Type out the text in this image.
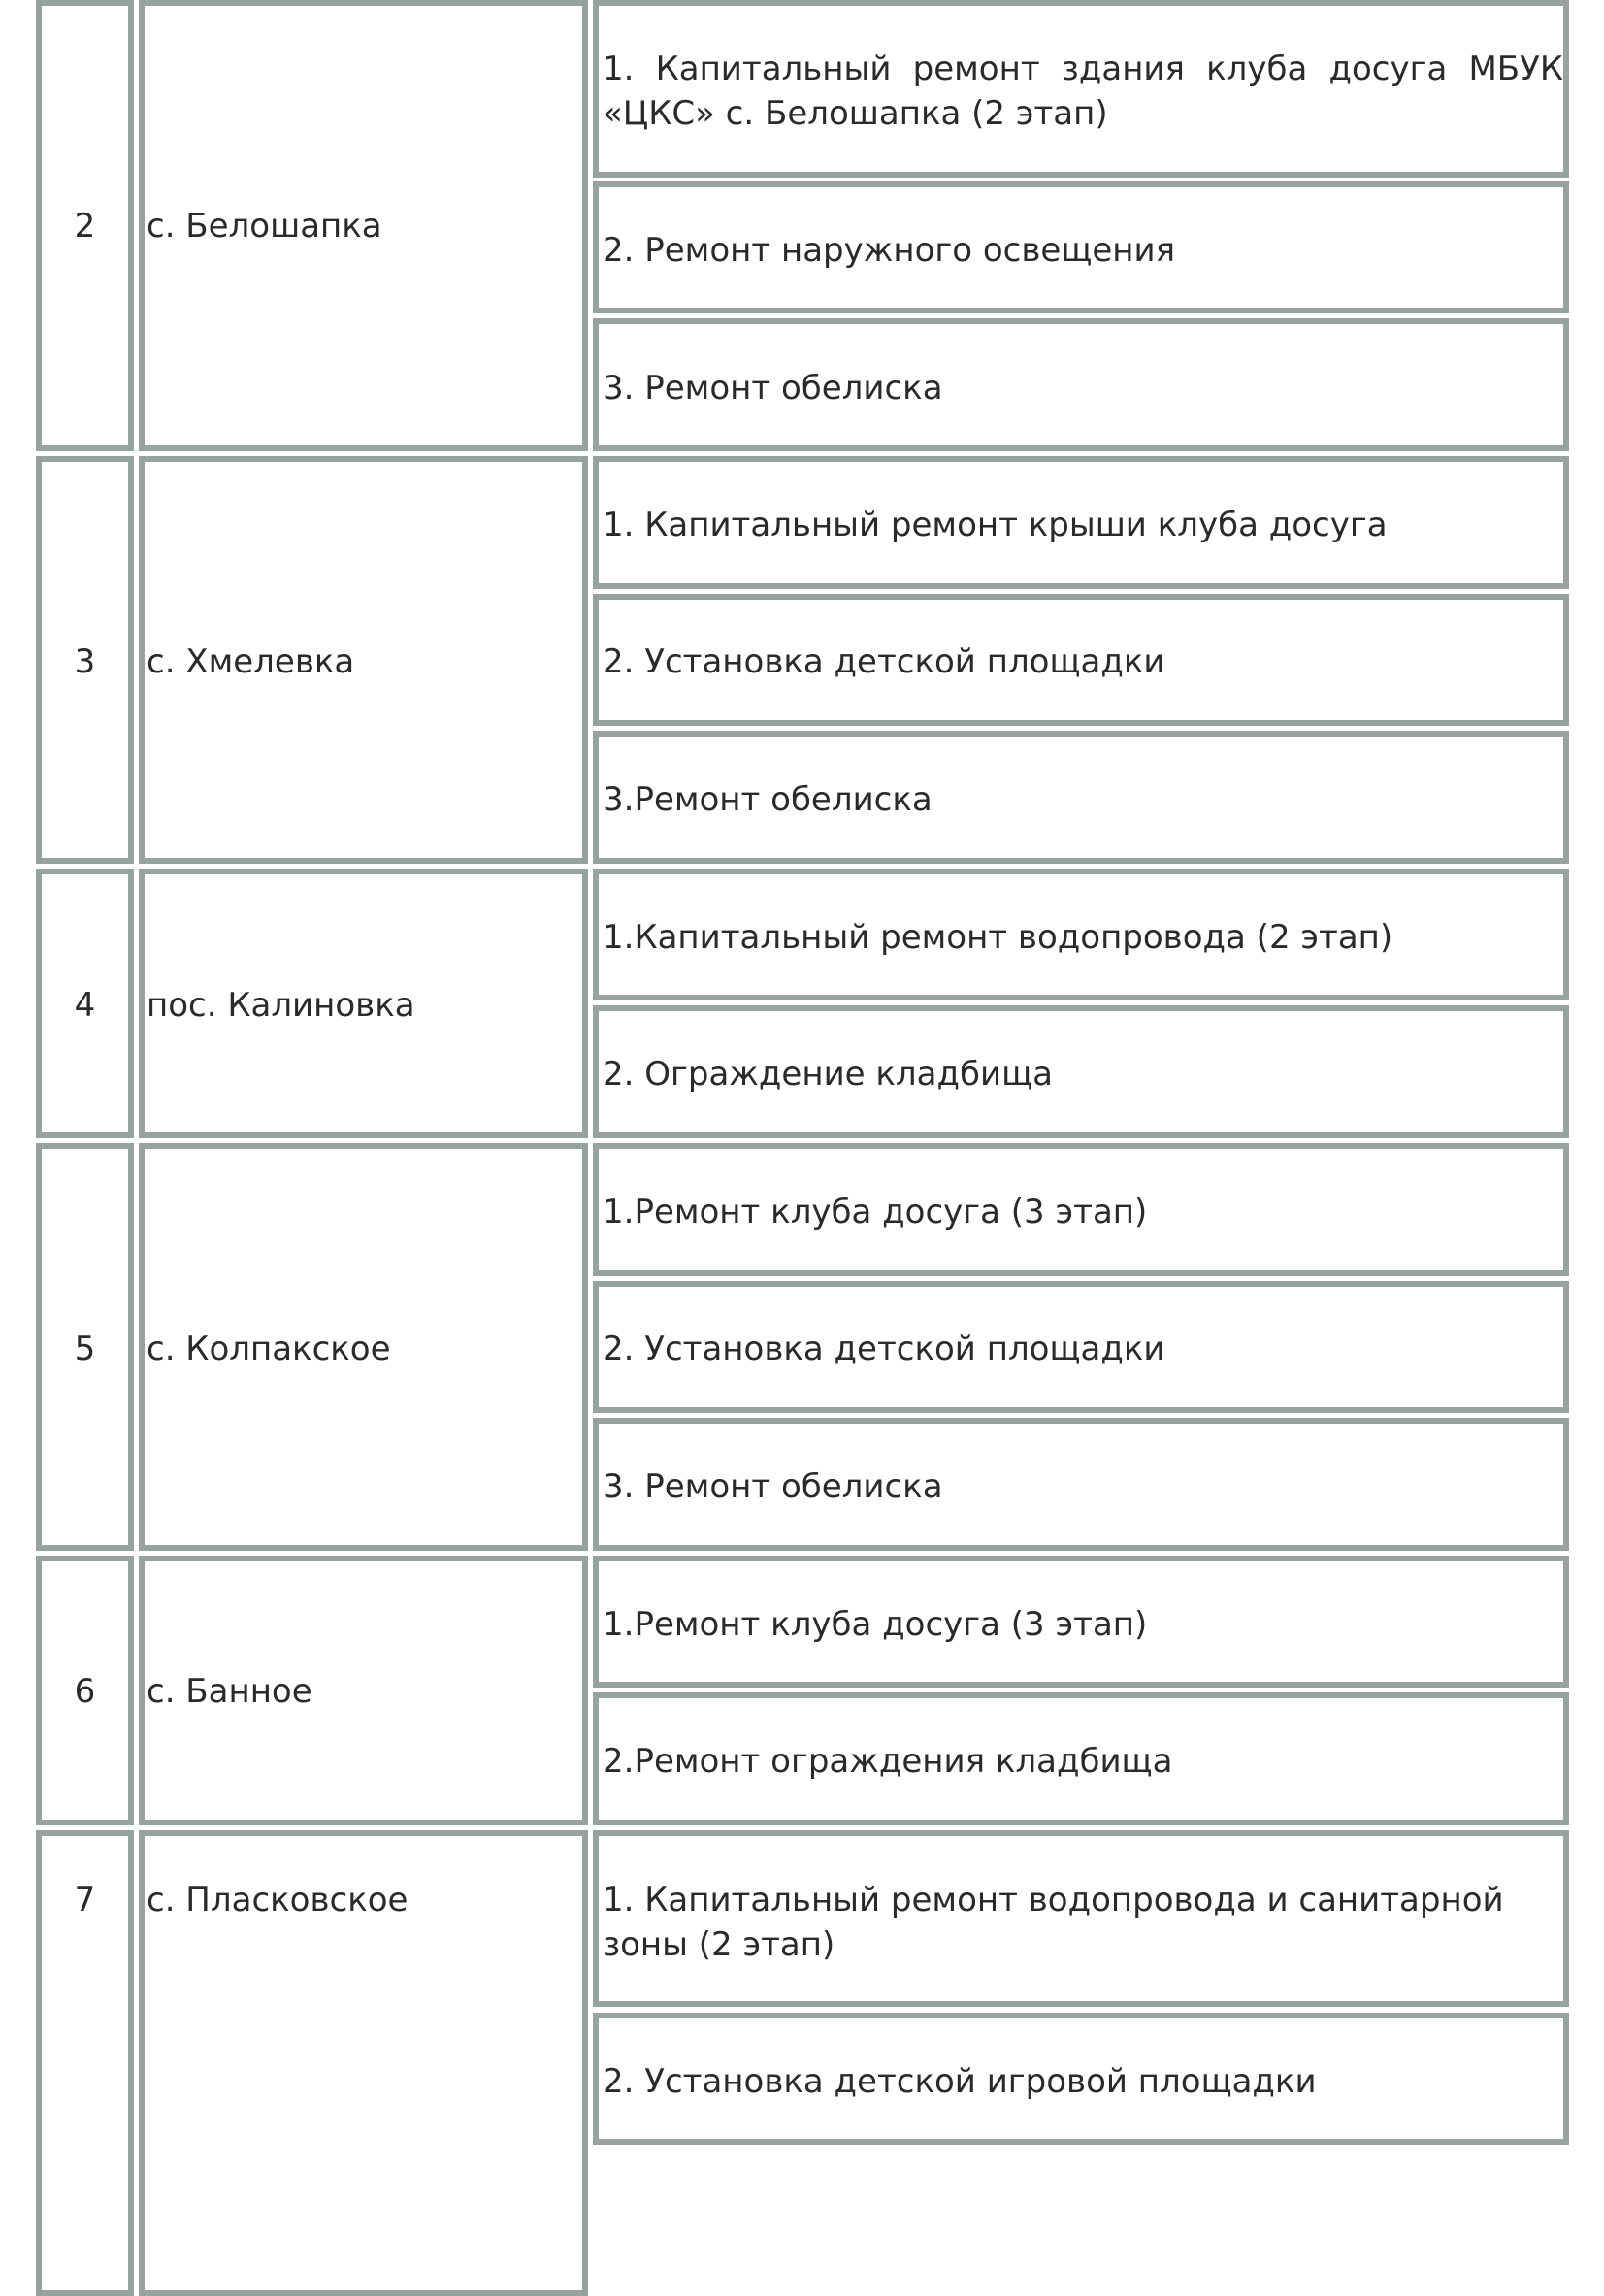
2	с. Белошапка
1. Капитальный ремонт здания клуба досуга МБУК
«ЦКС» с. Белошапка (2 этап)
2. Ремонт наружного освещения
3. Ремонт обелиска
3	с. Хмелевка
1. Капитальный ремонт крыши клуба досуга
2. Установка детской площадки
3.Ремонт обелиска
4	пос. Калиновка
1.Капитальный ремонт водопровода (2 этап)
2. Ограждение кладбища
5	с. Колпакское
1.Ремонт клуба досуга (3 этап)
2. Установка детской площадки
3. Ремонт обелиска
6	с. Банное
1.Ремонт клуба досуга (3 этап)
2.Ремонт ограждения кладбища
7	с. Пласковское	1. Капитальный ремонт водопровода и санитарной
зоны (2 этап)
2. Установка детской игровой площадки
